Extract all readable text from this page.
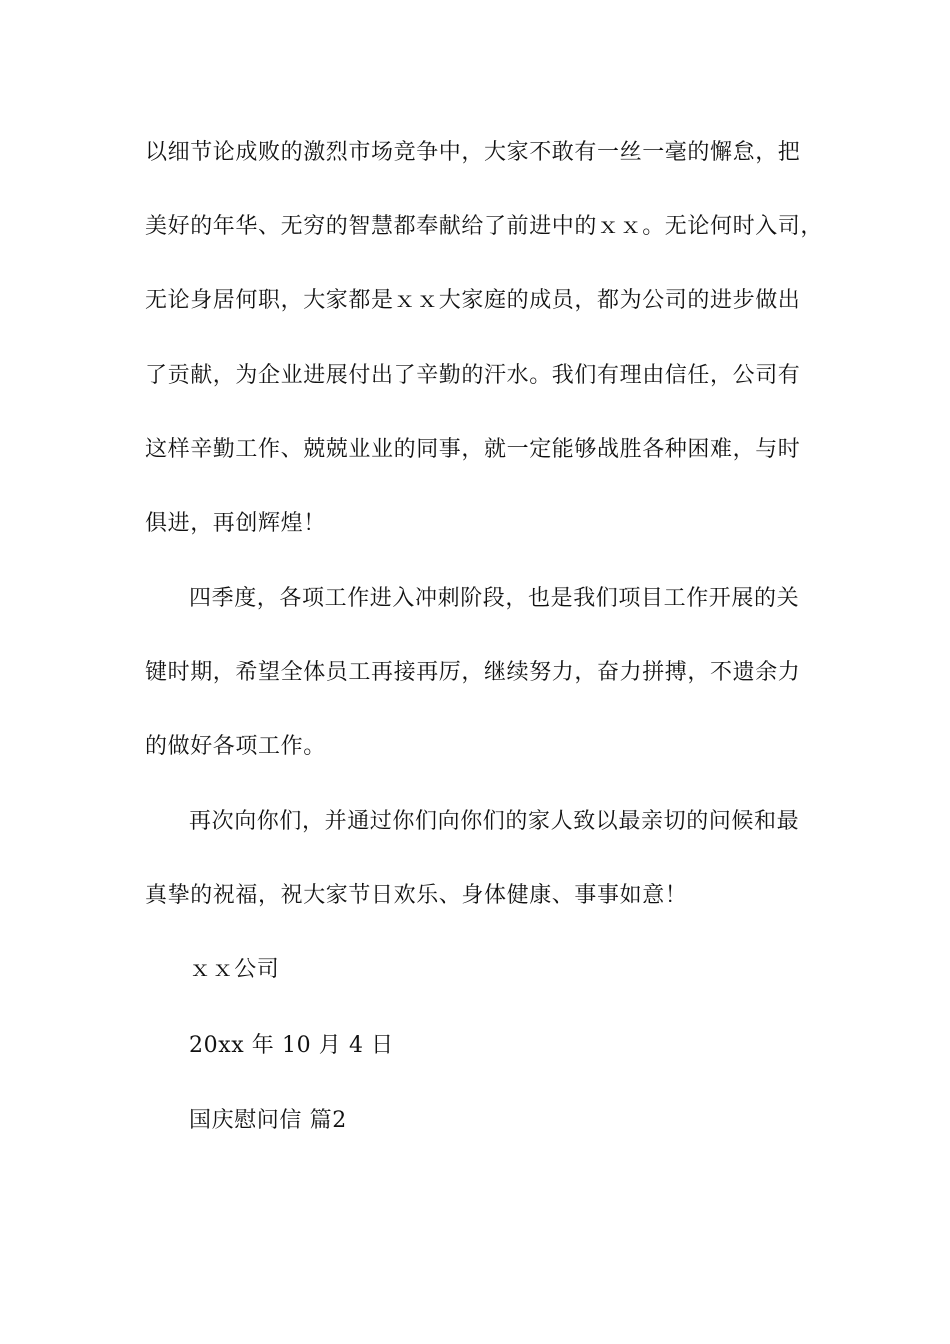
以细节论成败的激烈市场竞争中，大家不敢有一丝一毫的懈怠，把
美好的年华、无穷的智慧都奉献给了前进中的ｘｘ。无论何时入司，
无论身居何职，大家都是ｘｘ大家庭的成员，都为公司的进步做出
了贡献，为企业进展付出了辛勤的汗水。我们有理由信任，公司有
这样辛勤工作、兢兢业业的同事，就一定能够战胜各种困难，与时
俱进，再创辉煌！
四季度，各项工作进入冲刺阶段，也是我们项目工作开展的关
键时期，希望全体员工再接再厉，继续努力，奋力拼搏，不遗余力
的做好各项工作。
再次向你们，并通过你们向你们的家人致以最亲切的问候和最
真挚的祝福，祝大家节日欢乐、身体健康、事事如意！
ｘｘ公司
20xx 年 10 月 4 日
国庆慰问信 篇2
